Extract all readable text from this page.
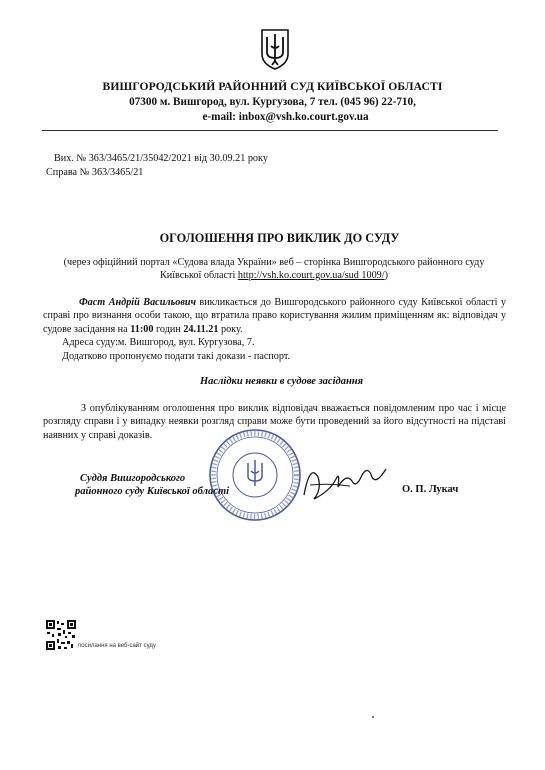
ВИШГОРОДСЬКИЙ РАЙОННИЙ СУД КИЇВСЬКОЇ ОБЛАСТІ
07300 м. Вишгород, вул. Кургузова, 7 тел. (045 96) 22-710,
e-mail: inbox@vsh.ko.court.gov.ua
Вих. № 363/3465/21/35042/2021 від 30.09.21 року
Справа № 363/3465/21
ОГОЛОШЕННЯ ПРО ВИКЛИК ДО СУДУ
(через офіційний портал «Судова влада України» веб – сторінка Вишгородського районного суду Київської області http://vsh.ko.court.gov.ua/sud 1009/)
Фаст Андрій Васильович викликається до Вишгородського районного суду Київської області у справі про визнання особи такою, що втратила право користування жилим приміщенням як: відповідач у судове засідання на 11:00 годин 24.11.21 року.
Адреса суду:м. Вишгород, вул. Кургузова, 7.
Додатково пропонуємо подати такі докази - паспорт.
Наслідки неявки в судове засідання
З опублікуванням оголошення про виклик відповідач вважається повідомленим про час і місце розгляду справи і у випадку неявки розгляд справи може бути проведений за його відсутності на підставі наявних у справі доказів.
Суддя Вишгородського
районного суду Київської області	О. П. Лукач
посилання на веб-сайт суду
